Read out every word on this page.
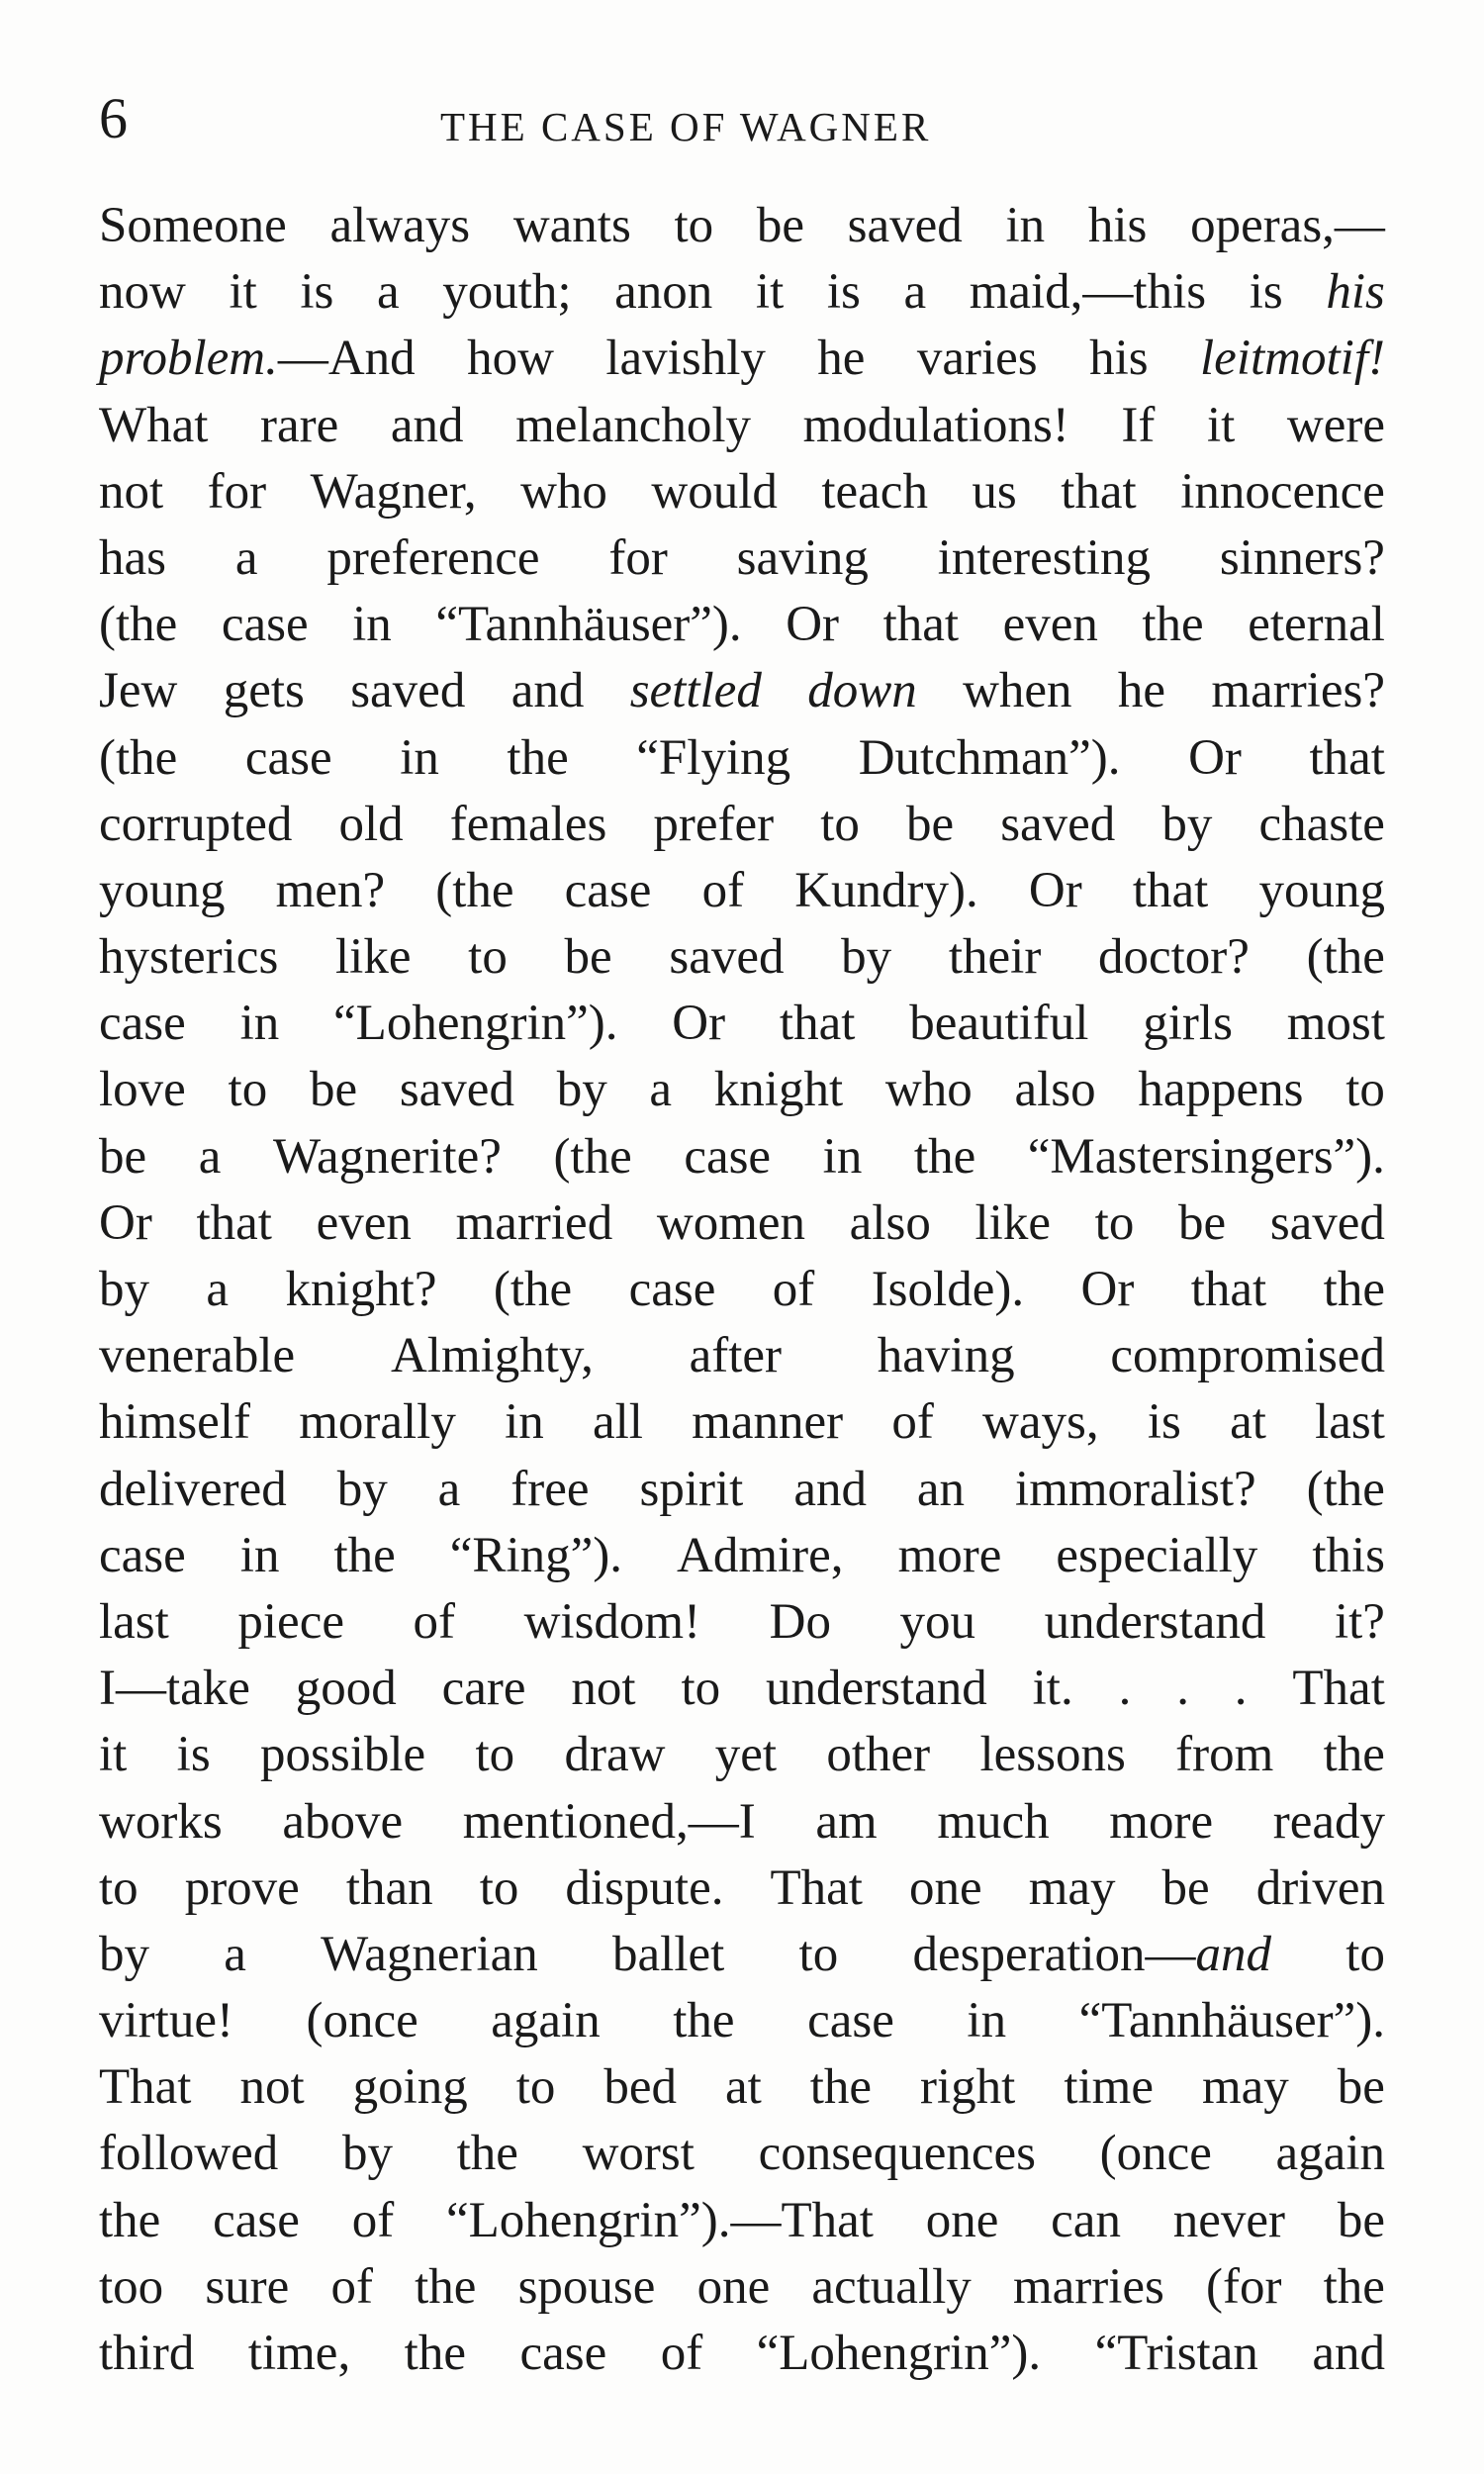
6	THE CASE OF WAGNER
Someone always wants to be saved in his operas,—
now it is a youth; anon it is a maid,—this is his
problem.—And how lavishly he varies his leitmotif!
What rare and melancholy modulations! If it were
not for Wagner, who would teach us that innocence
has a preference for saving interesting sinners?
(the case in “Tannhäuser”). Or that even the eternal
Jew gets saved and settled down when he marries?
(the case in the “Flying Dutchman”). Or that
corrupted old females prefer to be saved by chaste
young men? (the case of Kundry). Or that young
hysterics like to be saved by their doctor? (the
case in “Lohengrin”). Or that beautiful girls most
love to be saved by a knight who also happens to
be a Wagnerite? (the case in the “Mastersingers”).
Or that even married women also like to be saved
by a knight? (the case of Isolde). Or that the
venerable Almighty, after having compromised
himself morally in all manner of ways, is at last
delivered by a free spirit and an immoralist? (the
case in the “Ring”). Admire, more especially this
last piece of wisdom! Do you understand it?
I—take good care not to understand it. . . . That
it is possible to draw yet other lessons from the
works above mentioned,—I am much more ready
to prove than to dispute. That one may be driven
by a Wagnerian ballet to desperation—and to
virtue! (once again the case in “Tannhäuser”).
That not going to bed at the right time may be
followed by the worst consequences (once again
the case of “Lohengrin”).—That one can never be
too sure of the spouse one actually marries (for the
third time, the case of “Lohengrin”). “Tristan and
